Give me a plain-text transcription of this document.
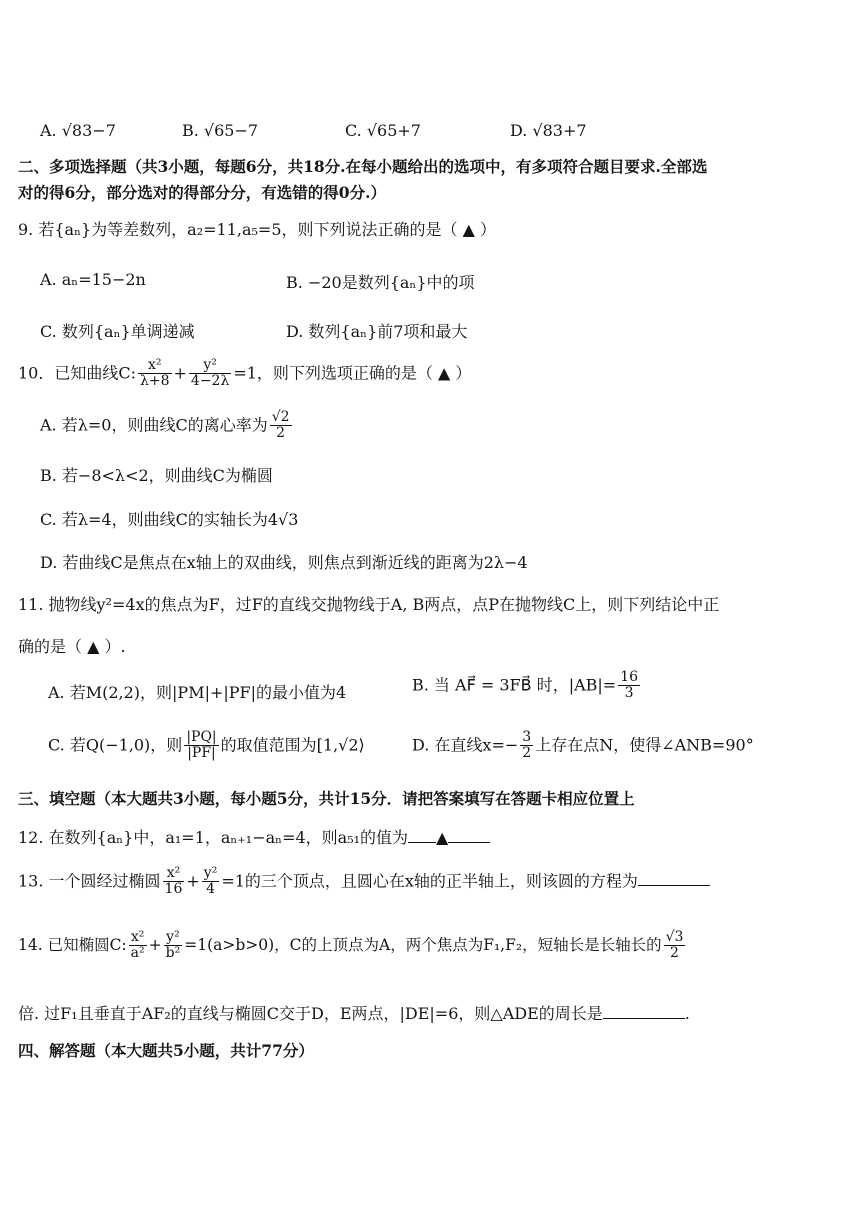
A. √83−7	B. √65−7	C. √65+7	D. √83+7
二、多项选择题（共3小题，每题6分，共18分.在每小题给出的选项中，有多项符合题目要求.全部选
对的得6分，部分选对的得部分分，有选错的得0分.）
9. 若{aₙ}为等差数列，a₂=11,a₅=5，则下列说法正确的是（ ▲ ）
A. aₙ=15−2n	B. −20是数列{aₙ}中的项
C. 数列{aₙ}单调递减	D. 数列{aₙ}前7项和最大
10．已知曲线C: $\frac{\text{x²}}{\lambda+8} + \frac{\text{y²}}{4-2\lambda} =1$，则下列选项正确的是（ ▲ ）
A. 若λ=0，则曲线C的离心率为 $\frac{√2}{2}$
B. 若−8<λ<2，则曲线C为椭圆
C. 若λ=4，则曲线C的实轴长为4√3
D. 若曲线C是焦点在x轴上的双曲线，则焦点到渐近线的距离为2λ−4
11. 抛物线y²=4x的焦点为F，过F的直线交抛物线于A, B两点，点P在抛物线C上，则下列结论中正
确的是（ ▲ ）.
A. 若M(2,2)，则|PM|+|PF|的最小值为4	B. 当 AF⃗ = 3FB⃗ 时，$|AB|= \frac{16}{3}$
C. 若Q(−1,0)，则 $\frac{|PQ|}{|PF|}$ 的取值范围为[1,√2⟩	D. 在直线$x=- \frac{3}{2}$ 上存在点N，使得∠ANB=90°
三、填空题（本大题共3小题，每小题5分，共计15分．请把答案填写在答题卡相应位置上
12. 在数列{aₙ}中，a₁=1，aₙ₊₁−aₙ=4，则a₅₁的值为 ▲
13. 一个圆经过椭圆 $\frac{\text{x²}}{16} + \frac{\text{y²}}{4} =1$的三个顶点，且圆心在x轴的正半轴上，则该圆的方程为
14. 已知椭圆C: $\frac{\text{x²}}{\text{a²}} + \frac{\text{y²}}{\text{b²}} =1(a>b>0)$，C的上顶点为A，两个焦点为F₁,F₂，短轴长是长轴长的 $\frac{√3}{2}$
倍. 过F₁且垂直于AF₂的直线与椭圆C交于D，E两点，|DE|=6，则△ADE的周长是	.
四、解答题（本大题共5小题，共计77分）
